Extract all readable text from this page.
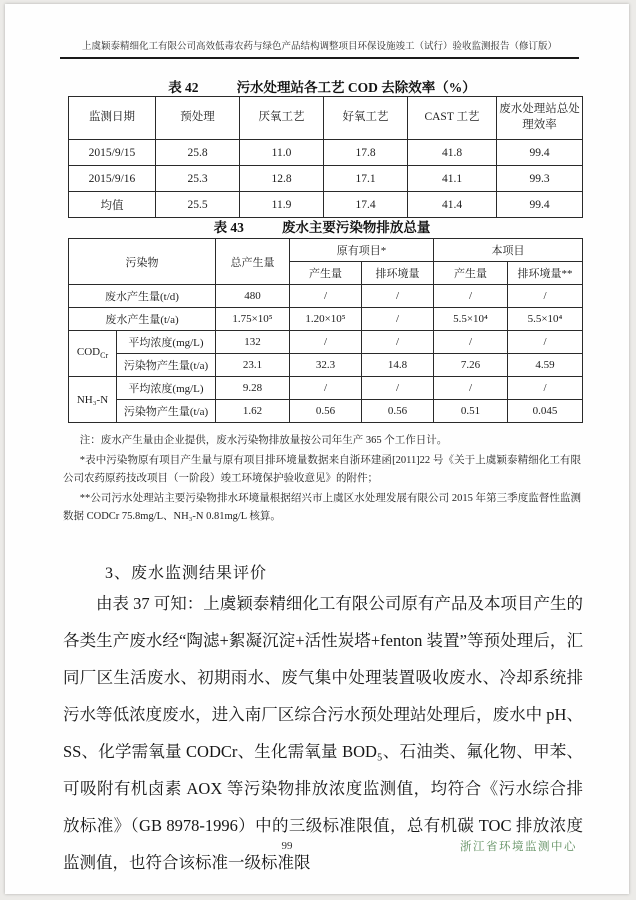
上虞颖泰精细化工有限公司高效低毒农药与绿色产品结构调整项目环保设施竣工（试行）验收监测报告（修订版）
表 42	污水处理站各工艺 COD 去除效率（%）
监测日期	预处理	厌氧工艺	好氧工艺	CAST 工艺	废水处理站总处理效率
2015/9/15	25.8	11.0	17.8	41.8	99.4
2015/9/16	25.3	12.8	17.1	41.1	99.3
均值	25.5	11.9	17.4	41.4	99.4
表 43	废水主要污染物排放总量
污染物		总产生量	原有项目*		本项目	
			产生量	排环境量	产生量	排环境量**
废水产生量(t/d)		480	/	/	/	/
废水产生量(t/a)		1.75×10⁵	1.20×10⁵	/	5.5×10⁴	5.5×10⁴
$COD_{Cr}$	平均浓度(mg/L)	132	/	/	/	/
	污染物产生量(t/a)	23.1	32.3	14.8	7.26	4.59
NH₃-N	平均浓度(mg/L)	9.28	/	/	/	/
	污染物产生量(t/a)	1.62	0.56	0.56	0.51	0.045

注：废水产生量由企业提供，废水污染物排放量按公司年生产 365 个工作日计。

*表中污染物原有项目产生量与原有项目排环境量数据来自浙环建函[2011]22 号《关于上虞颖泰精细化工有限公司农药原药技改项目（一阶段）竣工环境保护验收意见》的附件；

**公司污水处理站主要污染物排水环境量根据绍兴市上虞区水处理发展有限公司 2015 年第三季度监督性监测数据 CODCr 75.8mg/L、NH₃-N 0.81mg/L 核算。

3、废水监测结果评价

由表 37 可知：上虞颖泰精细化工有限公司原有产品及本项目产生的各类生产废水经“陶滤+絮凝沉淀+活性炭塔+fenton 装置”等预处理后，汇同厂区生活废水、初期雨水、废气集中处理装置吸收废水、冷却系统排污水等低浓度废水，进入南厂区综合污水预处理站处理后，废水中 pH、SS、化学需氧量 CODCr、生化需氧量 BOD₅、石油类、氟化物、甲苯、可吸附有机卤素 AOX 等污染物排放浓度监测值，均符合《污水综合排放标准》（GB 8978-1996）中的三级标准限值，总有机碳 TOC 排放浓度监测值，也符合该标准一级标准限

99	浙江省环境监测中心
